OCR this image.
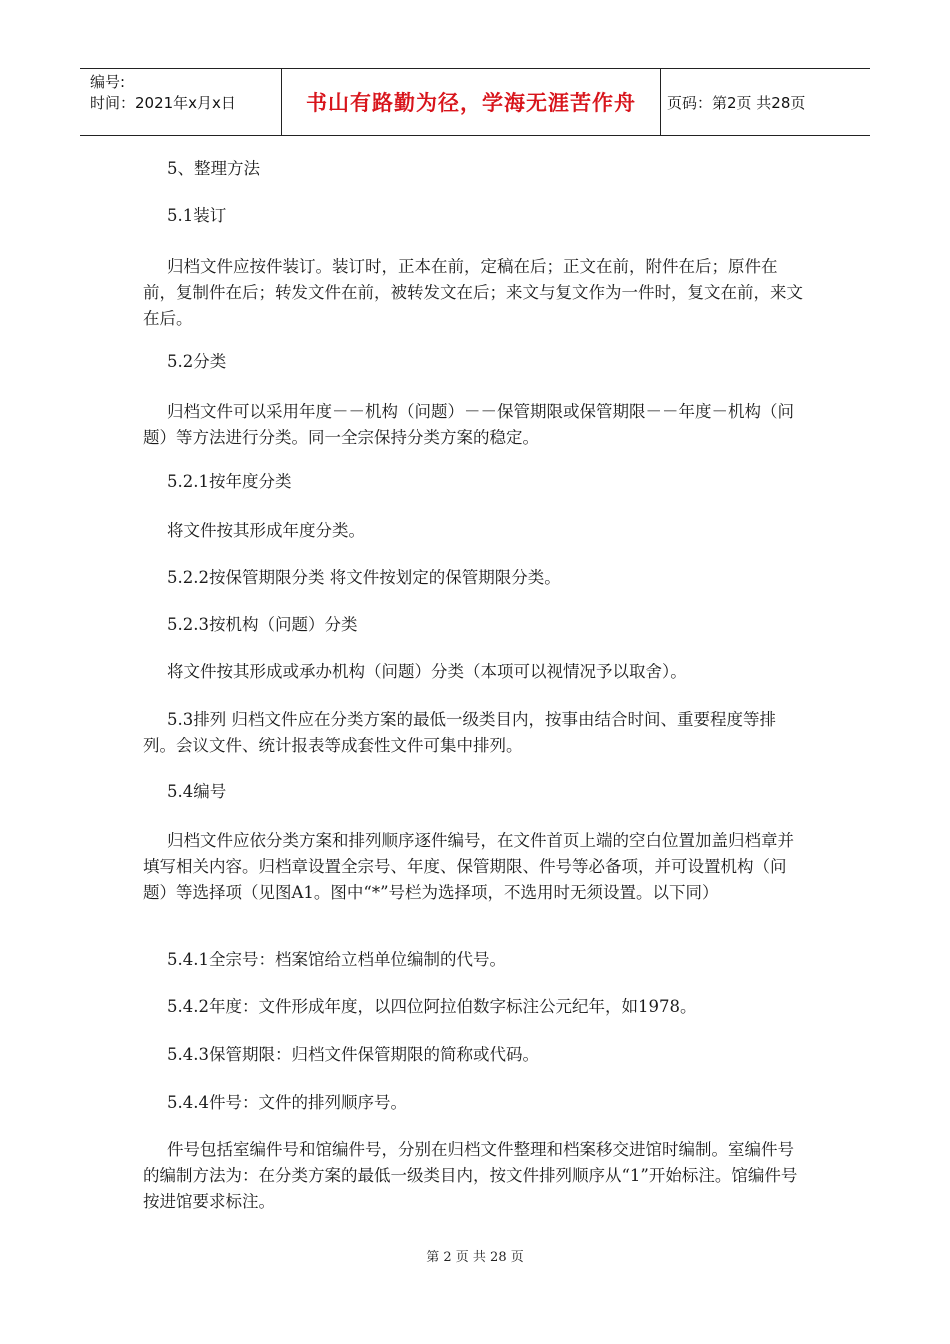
编号:
时间：2021年x月x日	书山有路勤为径，学海无涯苦作舟	页码：第2页 共28页

5、整理方法

5.1装订

归档文件应按件装订。装订时，正本在前，定稿在后；正文在前，附件在后；原件在前，复制件在后；转发文件在前，被转发文在后；来文与复文作为一件时，复文在前，来文在后。

5.2分类

归档文件可以采用年度－－机构（问题）－－保管期限或保管期限－－年度－机构（问题）等方法进行分类。同一全宗保持分类方案的稳定。

5.2.1按年度分类

将文件按其形成年度分类。

5.2.2按保管期限分类 将文件按划定的保管期限分类。

5.2.3按机构（问题）分类

将文件按其形成或承办机构（问题）分类（本项可以视情况予以取舍）。

5.3排列 归档文件应在分类方案的最低一级类目内，按事由结合时间、重要程度等排列。会议文件、统计报表等成套性文件可集中排列。

5.4编号

归档文件应依分类方案和排列顺序逐件编号，在文件首页上端的空白位置加盖归档章并填写相关内容。归档章设置全宗号、年度、保管期限、件号等必备项，并可设置机构（问题）等选择项（见图A1。图中“*”号栏为选择项，不选用时无须设置。以下同）

5.4.1全宗号：档案馆给立档单位编制的代号。

5.4.2年度：文件形成年度，以四位阿拉伯数字标注公元纪年，如1978。

5.4.3保管期限：归档文件保管期限的简称或代码。

5.4.4件号：文件的排列顺序号。

件号包括室编件号和馆编件号，分别在归档文件整理和档案移交进馆时编制。室编件号的编制方法为：在分类方案的最低一级类目内，按文件排列顺序从“1”开始标注。馆编件号按进馆要求标注。

第 2 页 共 28 页
